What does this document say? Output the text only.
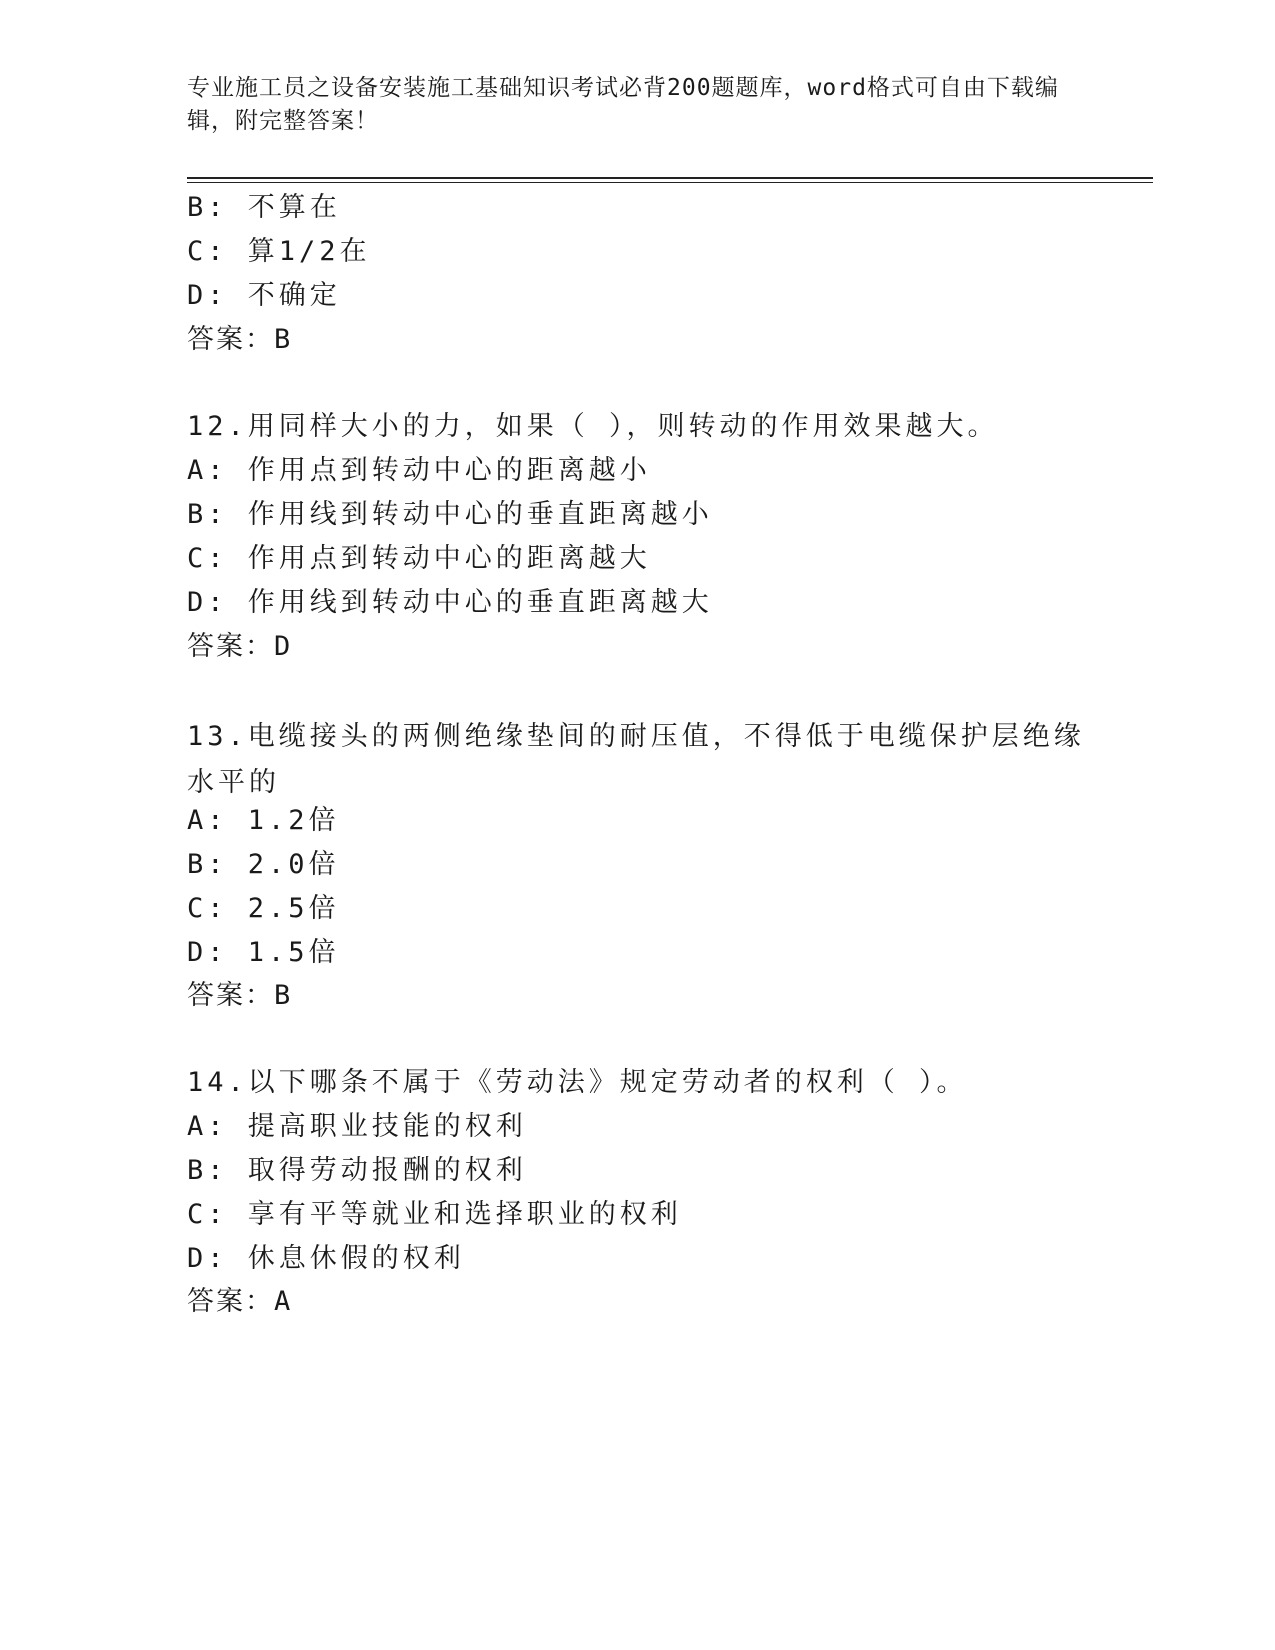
专业施工员之设备安装施工基础知识考试必背200题题库，word格式可自由下载编辑，附完整答案！
B: 不算在
C: 算1/2在
D: 不确定
答案：B
12.用同样大小的力，如果（ ），则转动的作用效果越大。
A: 作用点到转动中心的距离越小
B: 作用线到转动中心的垂直距离越小
C: 作用点到转动中心的距离越大
D: 作用线到转动中心的垂直距离越大
答案：D
13.电缆接头的两侧绝缘垫间的耐压值，不得低于电缆保护层绝缘水平的
A: 1.2倍
B: 2.0倍
C: 2.5倍
D: 1.5倍
答案：B
14.以下哪条不属于《劳动法》规定劳动者的权利（ ）。
A: 提高职业技能的权利
B: 取得劳动报酬的权利
C: 享有平等就业和选择职业的权利
D: 休息休假的权利
答案：A
